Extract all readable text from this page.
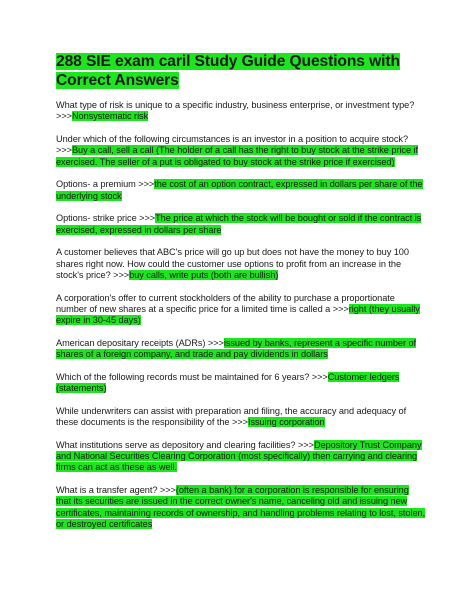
288 SIE exam caril Study Guide Questions with Correct Answers
What type of risk is unique to a specific industry, business enterprise, or investment type? >>>Nonsystematic risk
Under which of the following circumstances is an investor in a position to acquire stock? >>>Buy a call, sell a call (The holder of a call has the right to buy stock at the strike price if exercised. The seller of a put is obligated to buy stock at the strike price if exercised)
Options- a premium >>>the cost of an option contract, expressed in dollars per share of the underlying stock
Options- strike price >>>The price at which the stock will be bought or sold if the contract is exercised, expressed in dollars per share
A customer believes that ABC's price will go up but does not have the money to buy 100 shares right now. How could the customer use options to profit from an increase in the stock's price? >>>buy calls, write puts (both are bullish)
A corporation's offer to current stockholders of the ability to purchase a proportionate number of new shares at a specific price for a limited time is called a >>>right (they usually expire in 30-45 days)
American depositary receipts (ADRs) >>>issued by banks, represent a specific number of shares of a foreign company, and trade and pay dividends in dollars
Which of the following records must be maintained for 6 years? >>>Customer ledgers (statements)
While underwriters can assist with preparation and filing, the accuracy and adequacy of these documents is the responsibility of the >>>Issuing corporation
What institutions serve as depository and clearing facilities? >>>Depository Trust Company and National Securities Clearing Corporation (most specifically) then carrying and clearing firms can act as these as well.
What is a transfer agent? >>>(often a bank) for a corporation is responsible for ensuring that its securities are issued in the correct owner's name, canceling old and issuing new certificates, maintaining records of ownership, and handling problems relating to lost, stolen, or destroyed certificates
